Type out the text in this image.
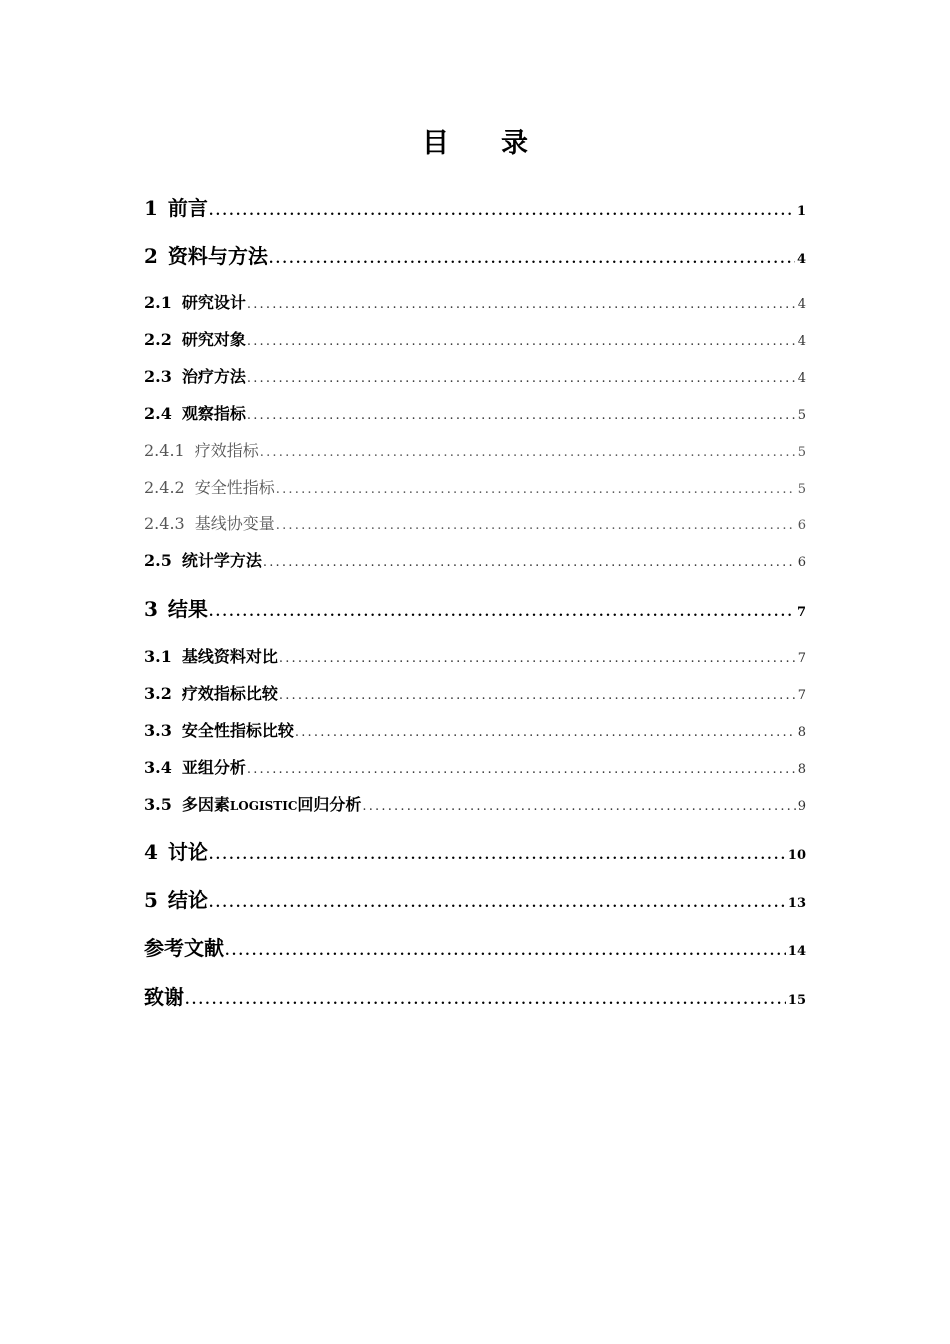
目 录
1 前言 .....	1
2 资料与方法 .....	4
2.1 研究设计 .....	4
2.2 研究对象 .....	4
2.3 治疗方法 .....	4
2.4 观察指标 .....	5
2.4.1 疗效指标 .....	5
2.4.2 安全性指标 .....	5
2.4.3 基线协变量 .....	6
2.5 统计学方法 .....	6
3 结果 .....	7
3.1 基线资料对比 .....	7
3.2 疗效指标比较 .....	7
3.3 安全性指标比较 .....	8
3.4 亚组分析 .....	8
3.5 多因素LOGISTIC回归分析 .....	9
4 讨论 .....	10
5 结论 .....	13
参考文献 .....	14
致谢 .....	15
